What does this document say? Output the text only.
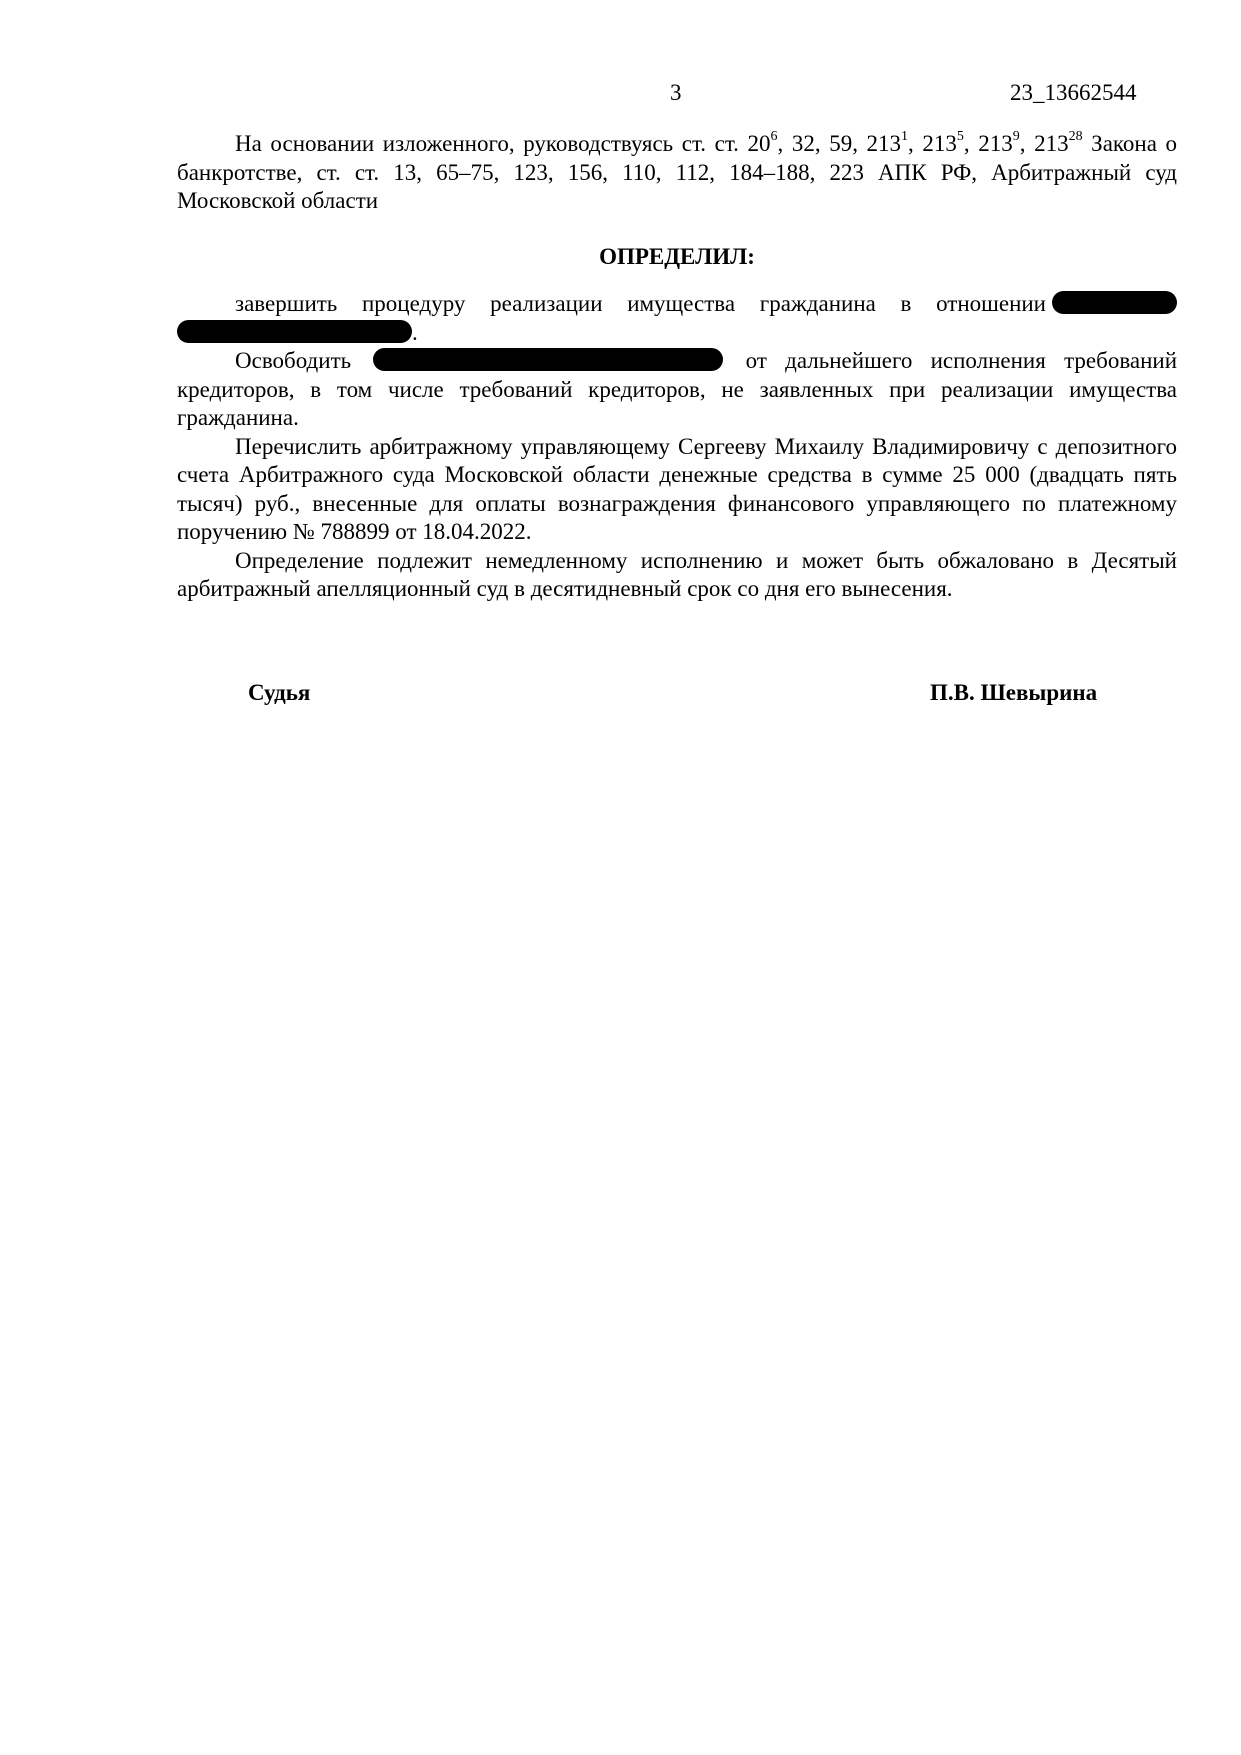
3	23_13662544

На основании изложенного, руководствуясь ст. ст. $20^6$, 32, 59, $213^1$, $213^5$, $213^9$, $213^{28}$ Закона о банкротстве, ст. ст. 13, 65–75, 123, 156, 110, 112, 184–188, 223 АПК РФ, Арбитражный суд Московской области

ОПРЕДЕЛИЛ:

завершить процедуру реализации имущества гражданина в отношении .

Освободить	от дальнейшего исполнения требований кредиторов, в том числе требований кредиторов, не заявленных при реализации имущества гражданина.

Перечислить арбитражному управляющему Сергееву Михаилу Владимировичу с депозитного счета Арбитражного суда Московской области денежные средства в сумме 25 000 (двадцать пять тысяч) руб., внесенные для оплаты вознаграждения финансового управляющего по платежному поручению № 788899 от 18.04.2022.

Определение подлежит немедленному исполнению и может быть обжаловано в Десятый арбитражный апелляционный суд в десятидневный срок со дня его вынесения.

Судья	П.В. Шевырина
